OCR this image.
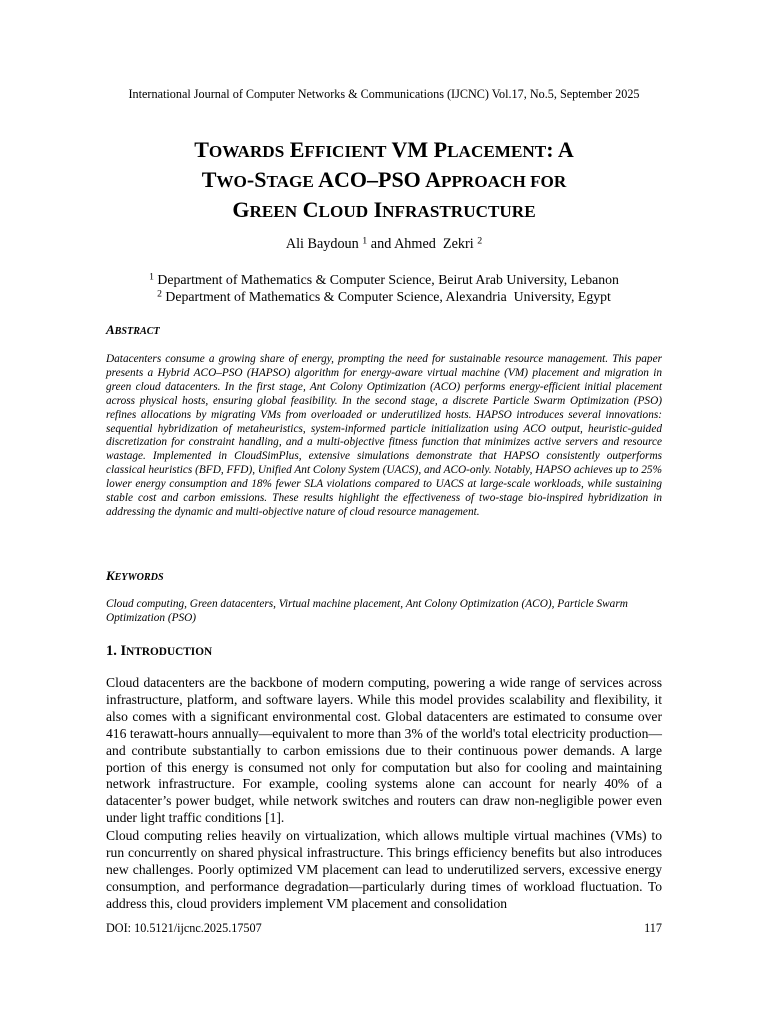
International Journal of Computer Networks & Communications (IJCNC) Vol.17, No.5, September 2025
TOWARDS EFFICIENT VM PLACEMENT: A
TWO-STAGE ACO–PSO APPROACH FOR
GREEN CLOUD INFRASTRUCTURE
Ali Baydoun $^1$ and Ahmed  Zekri $^2$
$^1$ Department of Mathematics & Computer Science, Beirut Arab University, Lebanon
$^2$ Department of Mathematics & Computer Science, Alexandria  University, Egypt
ABSTRACT
Datacenters consume a growing share of energy, prompting the need for sustainable resource management. This paper presents a Hybrid ACO–PSO (HAPSO) algorithm for energy-aware virtual machine (VM) placement and migration in green cloud datacenters. In the first stage, Ant Colony Optimization (ACO) performs energy-efficient initial placement across physical hosts, ensuring global feasibility. In the second stage, a discrete Particle Swarm Optimization (PSO) refines allocations by migrating VMs from overloaded or underutilized hosts. HAPSO introduces several innovations: sequential hybridization of metaheuristics, system-informed particle initialization using ACO output, heuristic-guided discretization for constraint handling, and a multi-objective fitness function that minimizes active servers and resource wastage. Implemented in CloudSimPlus, extensive simulations demonstrate that HAPSO consistently outperforms classical heuristics (BFD, FFD), Unified Ant Colony System (UACS), and ACO-only. Notably, HAPSO achieves up to 25% lower energy consumption and 18% fewer SLA violations compared to UACS at large-scale workloads, while sustaining stable cost and carbon emissions. These results highlight the effectiveness of two-stage bio-inspired hybridization in addressing the dynamic and multi-objective nature of cloud resource management.
KEYWORDS
Cloud computing, Green datacenters, Virtual machine placement, Ant Colony Optimization (ACO), Particle Swarm Optimization (PSO)
1. INTRODUCTION
Cloud datacenters are the backbone of modern computing, powering a wide range of services across infrastructure, platform, and software layers. While this model provides scalability and flexibility, it also comes with a significant environmental cost. Global datacenters are estimated to consume over 416 terawatt-hours annually—equivalent to more than 3% of the world's total electricity production—and contribute substantially to carbon emissions due to their continuous power demands. A large portion of this energy is consumed not only for computation but also for cooling and maintaining network infrastructure. For example, cooling systems alone can account for nearly 40% of a datacenter’s power budget, while network switches and routers can draw non-negligible power even under light traffic conditions [1].
Cloud computing relies heavily on virtualization, which allows multiple virtual machines (VMs) to run concurrently on shared physical infrastructure. This brings efficiency benefits but also introduces new challenges. Poorly optimized VM placement can lead to underutilized servers, excessive energy consumption, and performance degradation—particularly during times of workload fluctuation. To address this, cloud providers implement VM placement and consolidation
DOI: 10.5121/ijcnc.2025.17507	117
